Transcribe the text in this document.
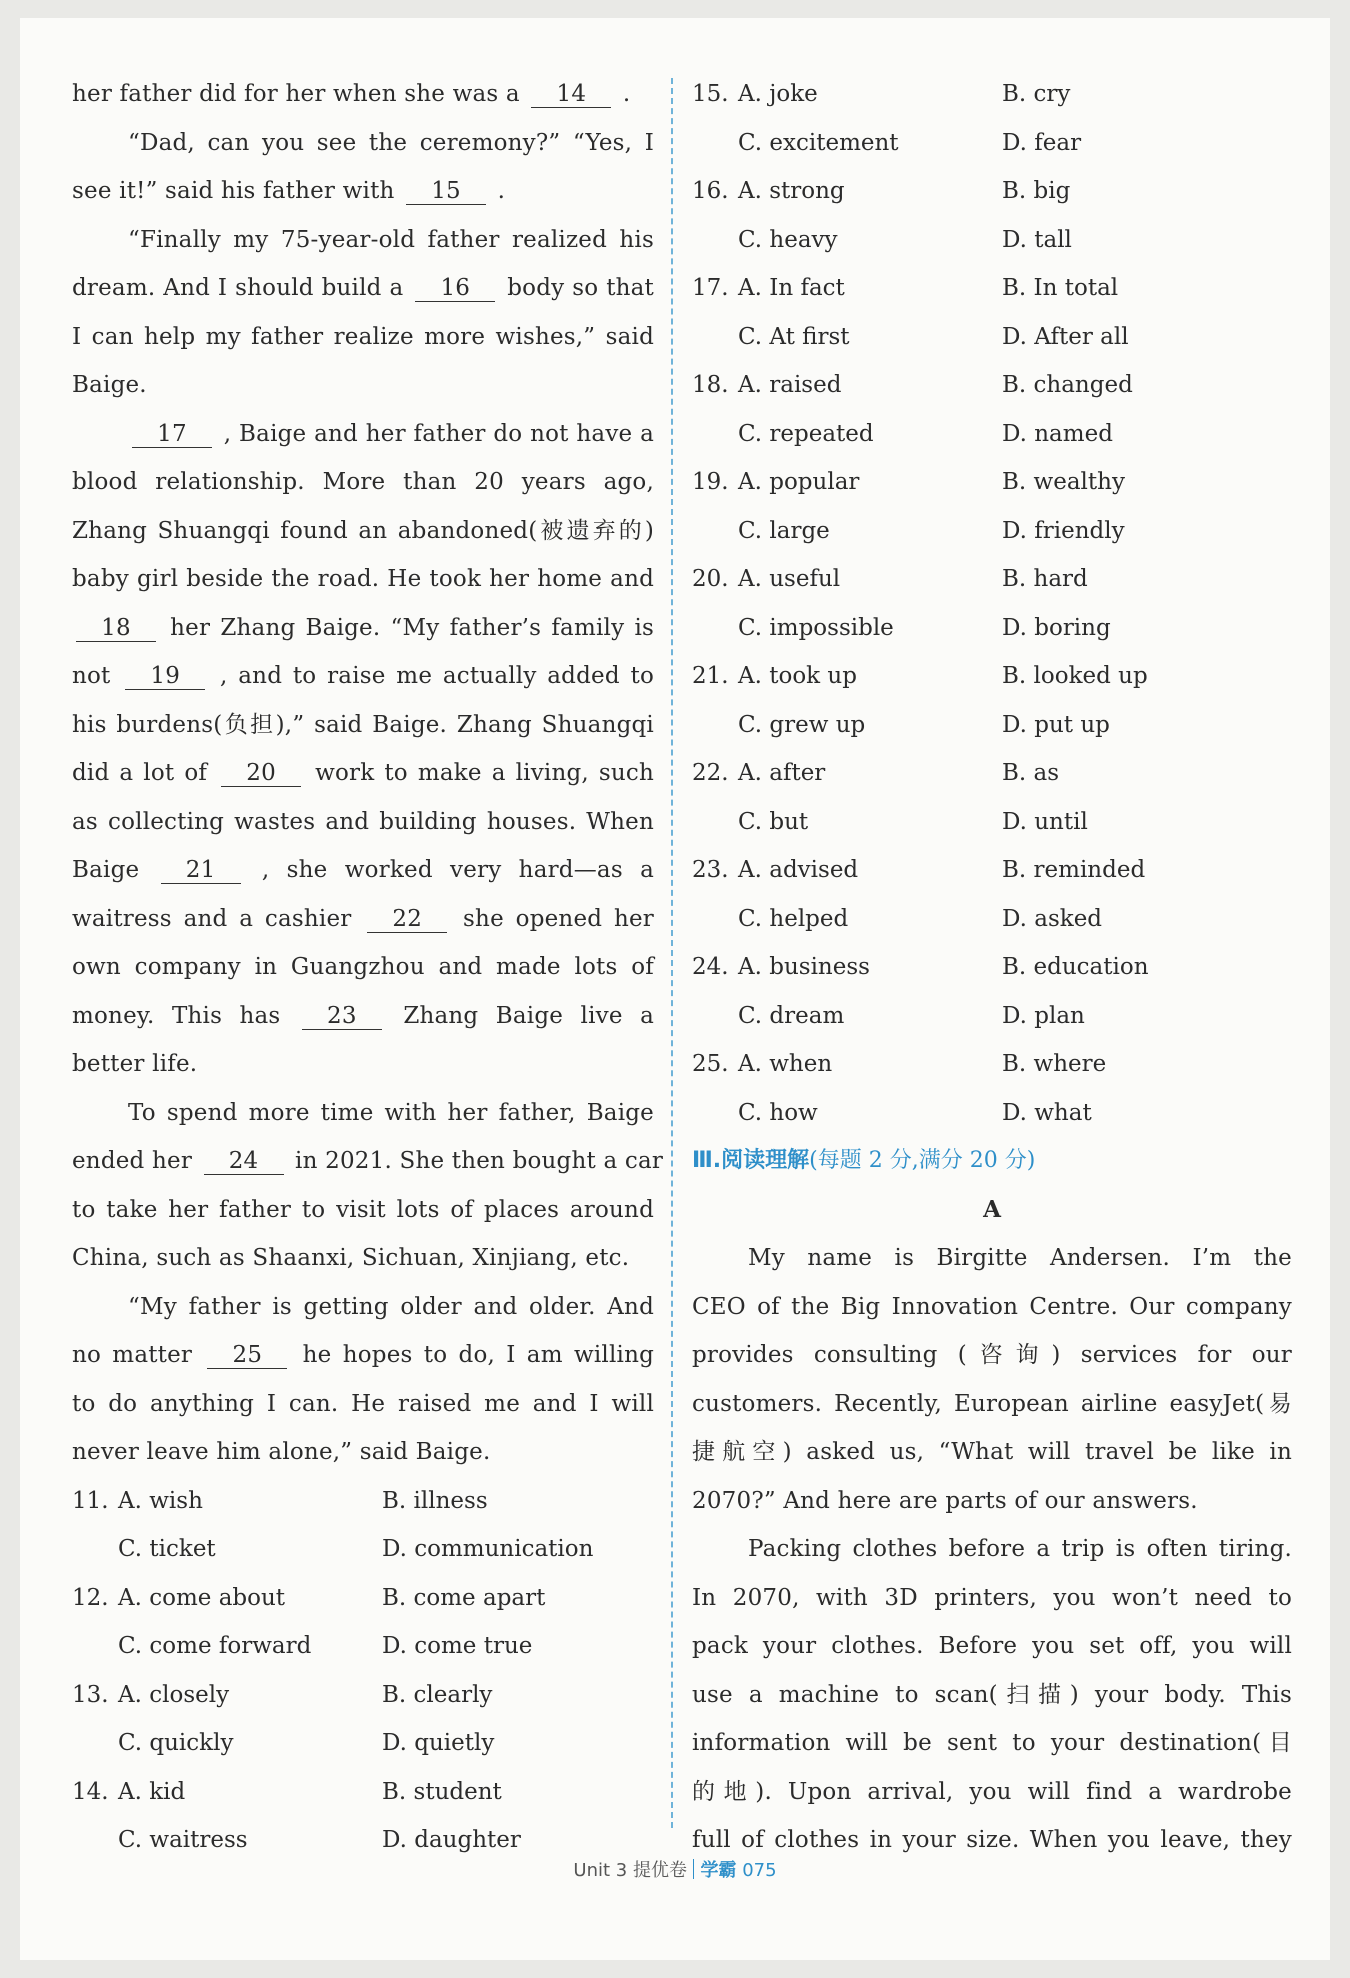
her father did for her when she was a 14 .
“Dad, can you see the ceremony?” “Yes, I
see it!” said his father with 15 .
“Finally my 75-year-old father realized his
dream. And I should build a 16 body so that
I can help my father realize more wishes,” said
Baige.
17 , Baige and her father do not have a
blood relationship. More than 20 years ago,
Zhang Shuangqi found an abandoned(被遗弃的)
baby girl beside the road. He took her home and
18 her Zhang Baige. “My father’s family is
not 19 , and to raise me actually added to
his burdens(负担),” said Baige. Zhang Shuangqi
did a lot of 20 work to make a living, such
as collecting wastes and building houses. When
Baige 21 , she worked very hard—as a
waitress and a cashier 22 she opened her
own company in Guangzhou and made lots of
money. This has 23 Zhang Baige live a
better life.
To spend more time with her father, Baige
ended her 24 in 2021. She then bought a car
to take her father to visit lots of places around
China, such as Shaanxi, Sichuan, Xinjiang, etc.
“My father is getting older and older. And
no matter 25 he hopes to do, I am willing
to do anything I can. He raised me and I will
never leave him alone,” said Baige.
11. A. wish	B. illness
C. ticket	D. communication
12. A. come about	B. come apart
C. come forward	D. come true
13. A. closely	B. clearly
C. quickly	D. quietly
14. A. kid	B. student
C. waitress	D. daughter
15. A. joke	B. cry
C. excitement	D. fear
16. A. strong	B. big
C. heavy	D. tall
17. A. In fact	B. In total
C. At first	D. After all
18. A. raised	B. changed
C. repeated	D. named
19. A. popular	B. wealthy
C. large	D. friendly
20. A. useful	B. hard
C. impossible	D. boring
21. A. took up	B. looked up
C. grew up	D. put up
22. A. after	B. as
C. but	D. until
23. A. advised	B. reminded
C. helped	D. asked
24. A. business	B. education
C. dream	D. plan
25. A. when	B. where
C. how	D. what
Ⅲ.阅读理解(每题 2 分,满分 20 分)
A
My name is Birgitte Andersen. I’m the
CEO of the Big Innovation Centre. Our company
provides consulting (咨询) services for our
customers. Recently, European airline easyJet(易
捷航空) asked us, “What will travel be like in
2070?” And here are parts of our answers.
Packing clothes before a trip is often tiring.
In 2070, with 3D printers, you won’t need to
pack your clothes. Before you set off, you will
use a machine to scan(扫描) your body. This
information will be sent to your destination(目
的地). Upon arrival, you will find a wardrobe
full of clothes in your size. When you leave, they
Unit 3 提优卷 学霸 075
